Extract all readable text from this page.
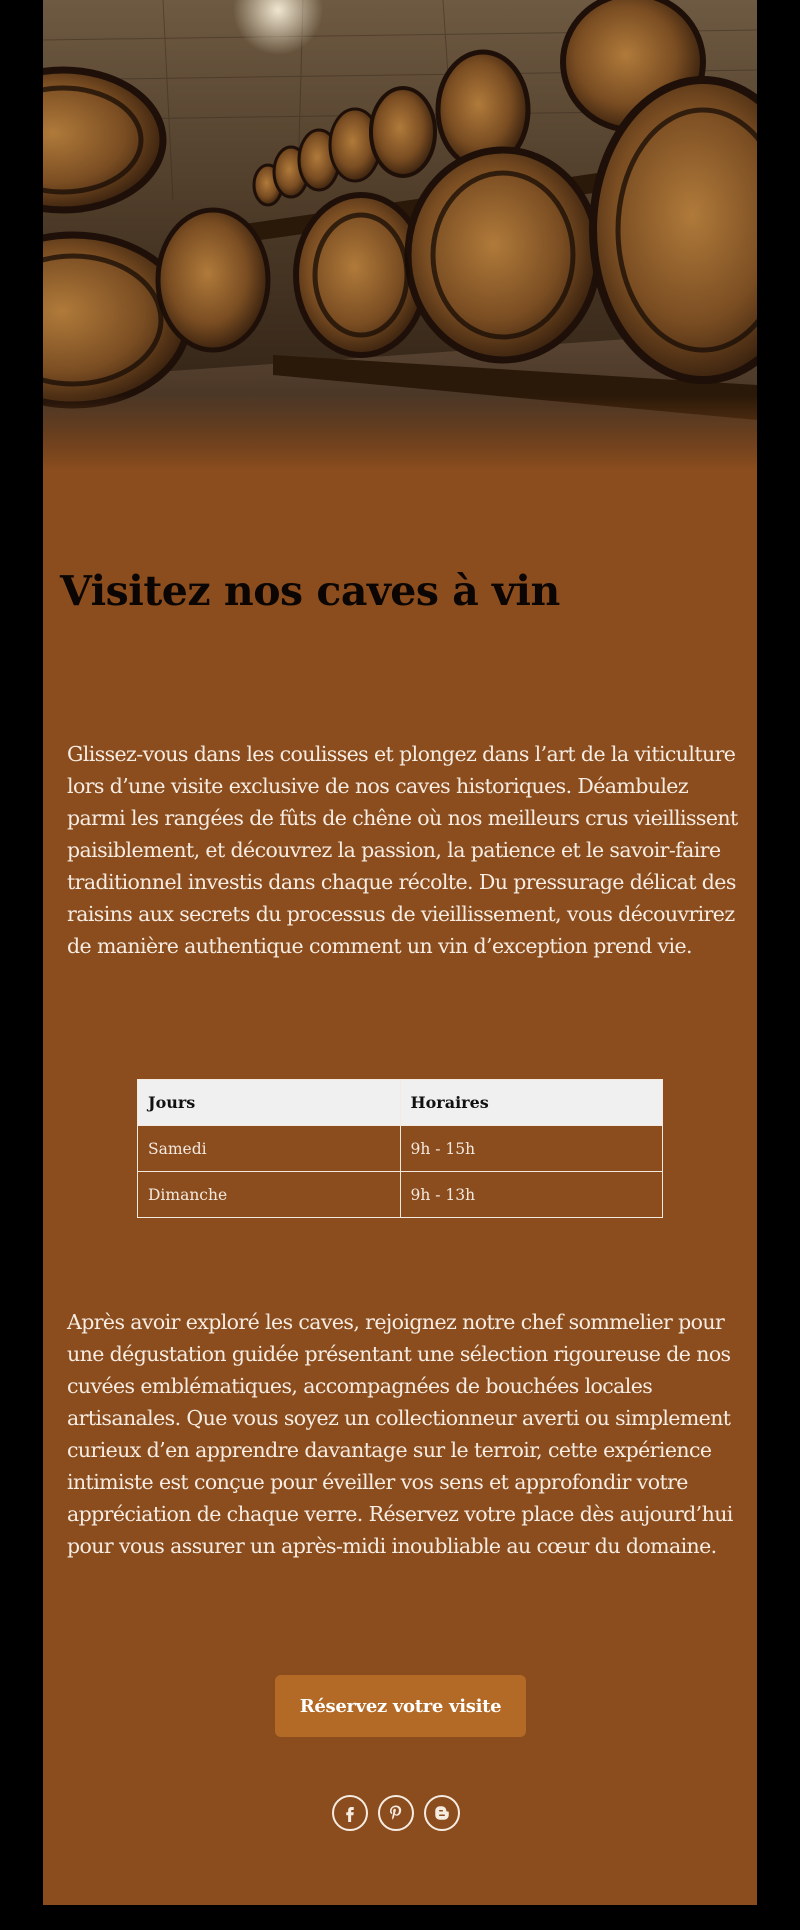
Visitez nos caves à vin

Glissez-vous dans les coulisses et plongez dans l’art de la viticulture lors d’une visite exclusive de nos caves historiques. Déambulez parmi les rangées de fûts de chêne où nos meilleurs crus vieillissent paisiblement, et découvrez la passion, la patience et le savoir-faire traditionnel investis dans chaque récolte. Du pressurage délicat des raisins aux secrets du processus de vieillissement, vous découvrirez de manière authentique comment un vin d’exception prend vie.

Jours	Horaires
Samedi	9h - 15h
Dimanche	9h - 13h

Après avoir exploré les caves, rejoignez notre chef sommelier pour une dégustation guidée présentant une sélection rigoureuse de nos cuvées emblématiques, accompagnées de bouchées locales artisanales. Que vous soyez un collectionneur averti ou simplement curieux d’en apprendre davantage sur le terroir, cette expérience intimiste est conçue pour éveiller vos sens et approfondir votre appréciation de chaque verre. Réservez votre place dès aujourd’hui pour vous assurer un après-midi inoubliable au cœur du domaine.

Réservez votre visite
